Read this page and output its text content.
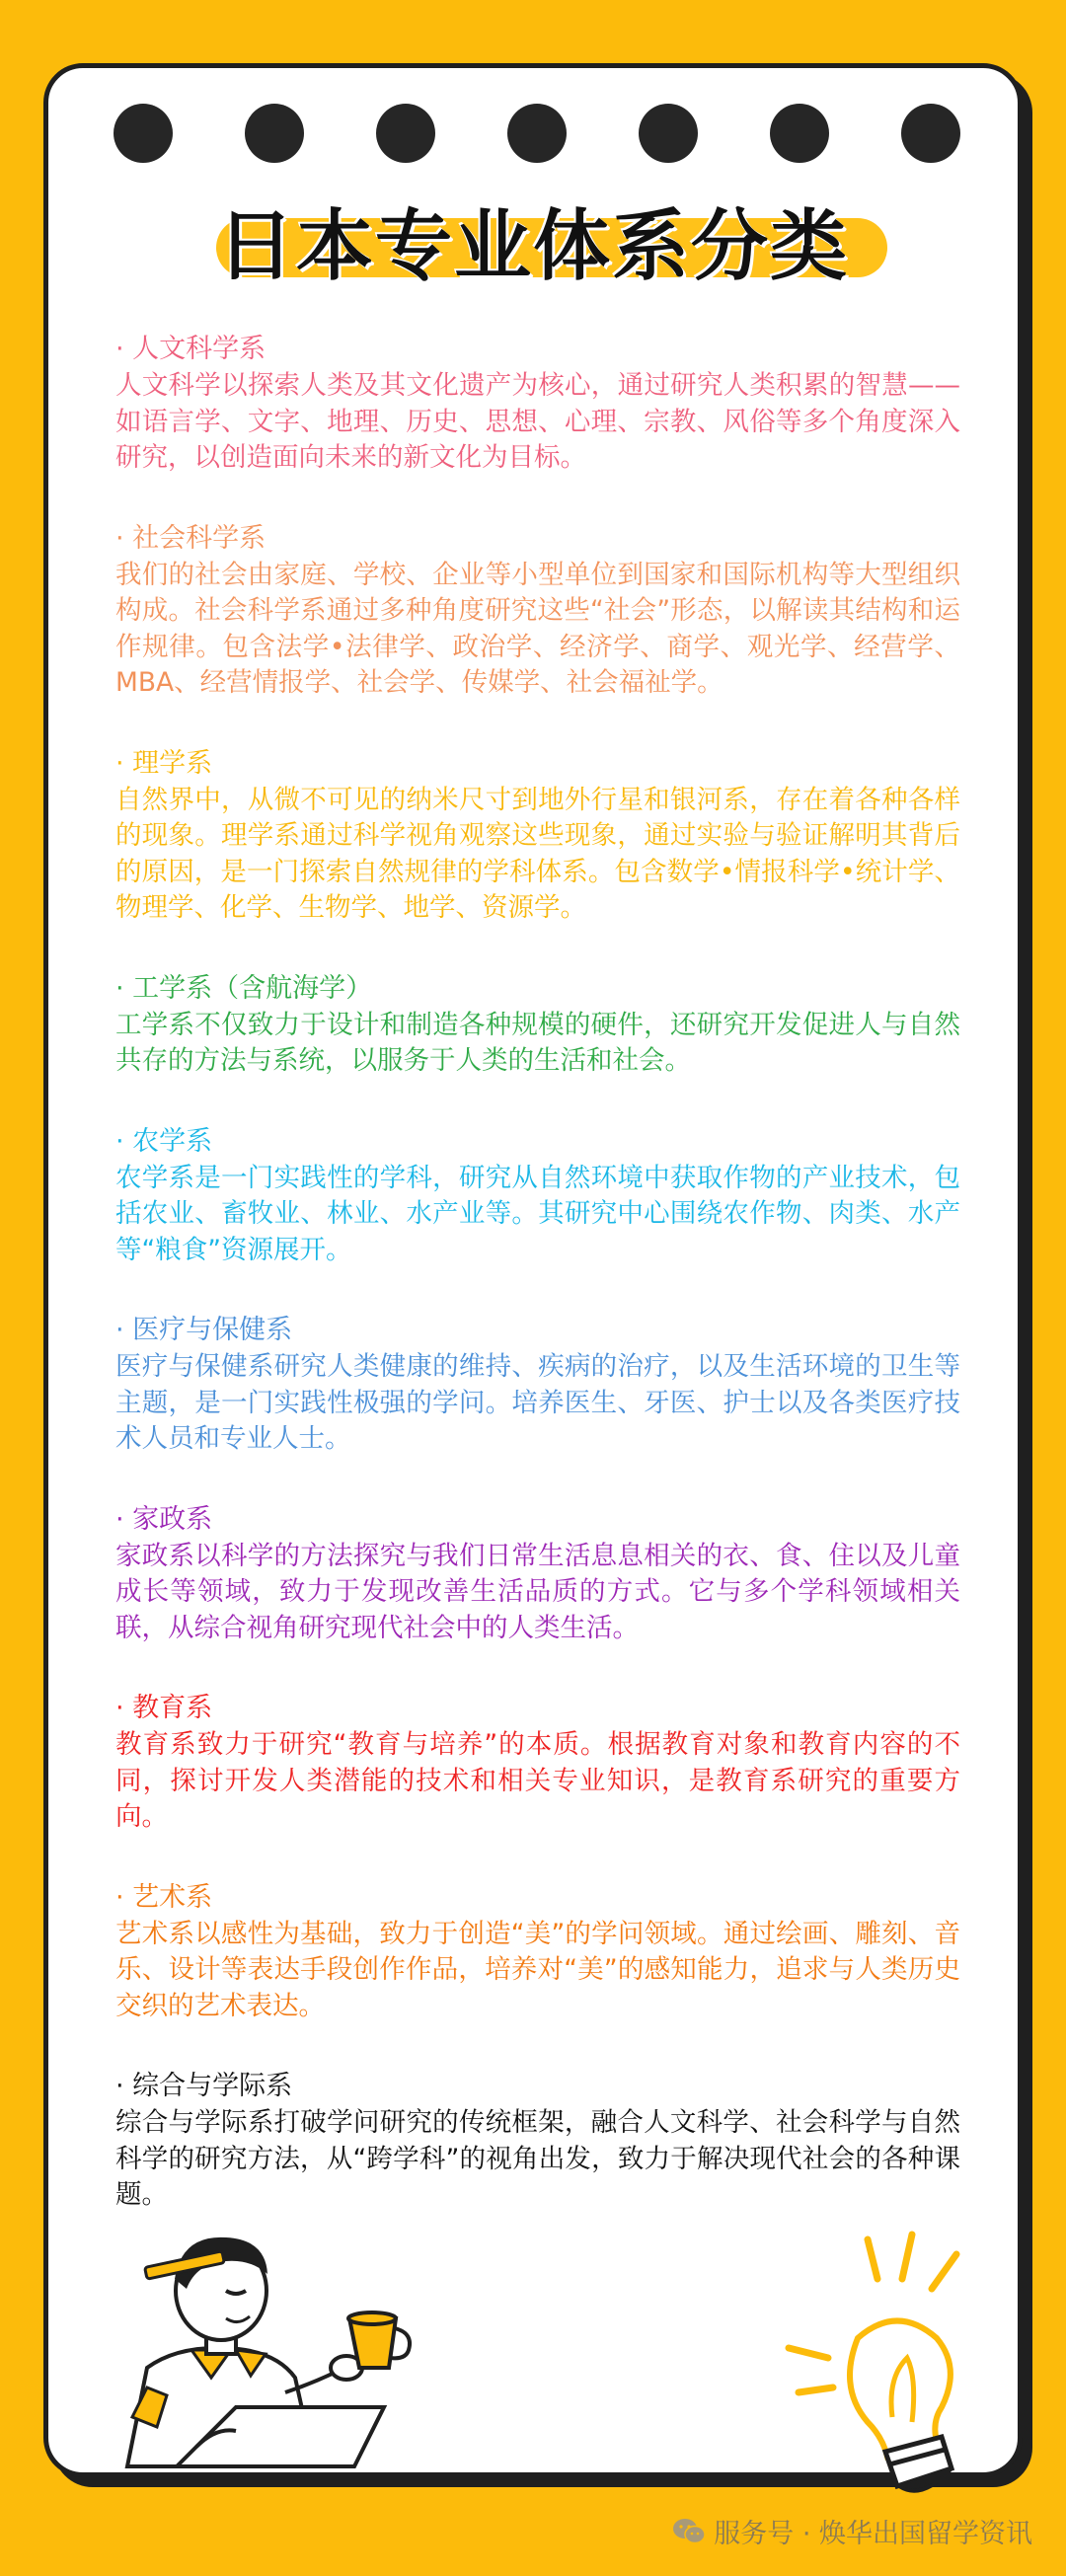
日本专业体系分类
· 人文科学系
人文科学以探索人类及其文化遗产为核心，通过研究人类积累的智慧——如语言学、文字、地理、历史、思想、心理、宗教、风俗等多个角度深入研究，以创造面向未来的新文化为目标。
· 社会科学系
我们的社会由家庭、学校、企业等小型单位到国家和国际机构等大型组织构成。社会科学系通过多种角度研究这些“社会”形态，以解读其结构和运作规律。包含法学•法律学、政治学、经济学、商学、观光学、经营学、MBA、经营情报学、社会学、传媒学、社会福祉学。
· 理学系
自然界中，从微不可见的纳米尺寸到地外行星和银河系，存在着各种各样的现象。理学系通过科学视角观察这些现象，通过实验与验证解明其背后的原因，是一门探索自然规律的学科体系。包含数学•情报科学•统计学、物理学、化学、生物学、地学、资源学。
· 工学系（含航海学）
工学系不仅致力于设计和制造各种规模的硬件，还研究开发促进人与自然共存的方法与系统，以服务于人类的生活和社会。
· 农学系
农学系是一门实践性的学科，研究从自然环境中获取作物的产业技术，包括农业、畜牧业、林业、水产业等。其研究中心围绕农作物、肉类、水产等“粮食”资源展开。
· 医疗与保健系
医疗与保健系研究人类健康的维持、疾病的治疗，以及生活环境的卫生等主题，是一门实践性极强的学问。培养医生、牙医、护士以及各类医疗技术人员和专业人士。
· 家政系
家政系以科学的方法探究与我们日常生活息息相关的衣、食、住以及儿童成长等领域，致力于发现改善生活品质的方式。它与多个学科领域相关联，从综合视角研究现代社会中的人类生活。
· 教育系
教育系致力于研究“教育与培养”的本质。根据教育对象和教育内容的不同，探讨开发人类潜能的技术和相关专业知识，是教育系研究的重要方向。
· 艺术系
艺术系以感性为基础，致力于创造“美”的学问领域。通过绘画、雕刻、音乐、设计等表达手段创作作品，培养对“美”的感知能力，追求与人类历史交织的艺术表达。
· 综合与学际系
综合与学际系打破学问研究的传统框架，融合人文科学、社会科学与自然科学的研究方法，从“跨学科”的视角出发，致力于解决现代社会的各种课题。
服务号 · 焕华出国留学资讯
